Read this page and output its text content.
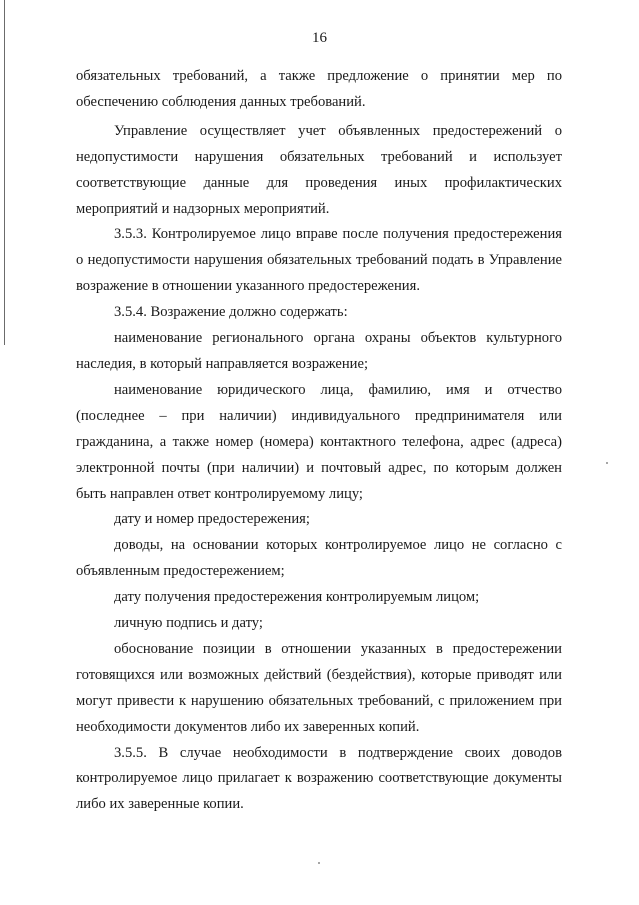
16

обязательных требований, а также предложение о принятии мер по обеспечению соблюдения данных требований.

Управление осуществляет учет объявленных предостережений о недопустимости нарушения обязательных требований и использует соответствующие данные для проведения иных профилактических мероприятий и надзорных мероприятий.

3.5.3. Контролируемое лицо вправе после получения предостережения о недопустимости нарушения обязательных требований подать в Управление возражение в отношении указанного предостережения.

3.5.4. Возражение должно содержать:

наименование регионального органа охраны объектов культурного наследия, в который направляется возражение;

наименование юридического лица, фамилию, имя и отчество (последнее – при наличии) индивидуального предпринимателя или гражданина, а также номер (номера) контактного телефона, адрес (адреса) электронной почты (при наличии) и почтовый адрес, по которым должен быть направлен ответ контролируемому лицу;

дату и номер предостережения;

доводы, на основании которых контролируемое лицо не согласно с объявленным предостережением;

дату получения предостережения контролируемым лицом;

личную подпись и дату;

обоснование позиции в отношении указанных в предостережении готовящихся или возможных действий (бездействия), которые приводят или могут привести к нарушению обязательных требований, с приложением при необходимости документов либо их заверенных копий.

3.5.5. В случае необходимости в подтверждение своих доводов контролируемое лицо прилагает к возражению соответствующие документы либо их заверенные копии.
